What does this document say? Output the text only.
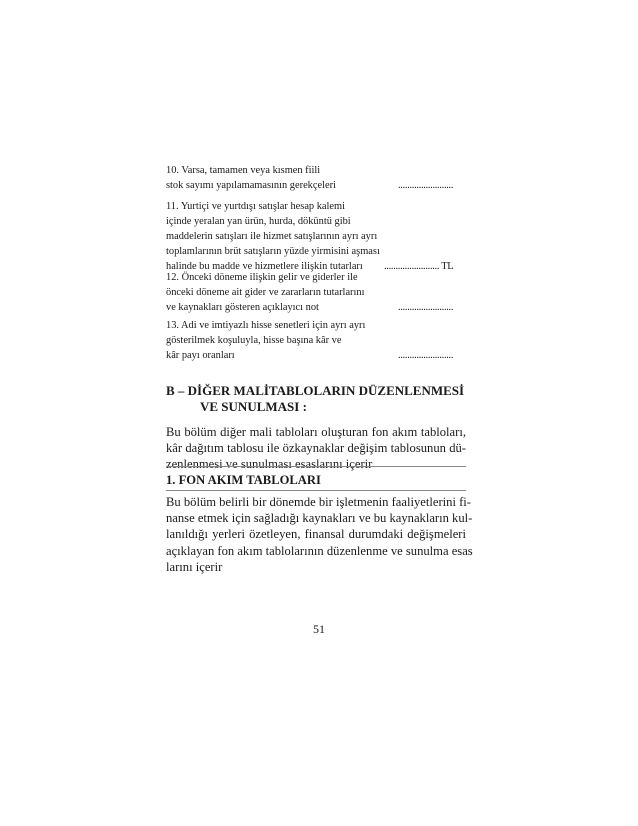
10. Varsa, tamamen veya kısmen fiili
stok sayımı yapılamamasının gerekçeleri	........................
11. Yurtiçi ve yurtdışı satışlar hesap kalemi
içinde yeralan yan ürün, hurda, döküntü gibi
maddelerin satışları ile hizmet satışlarının ayrı ayrı
toplamlarının brüt satışların yüzde yirmisini aşması
halinde bu madde ve hizmetlere ilişkin tutarları ........................ TL
12. Önceki döneme ilişkin gelir ve giderler ile
önceki döneme ait gider ve zararların tutarlarını
ve kaynakları gösteren açıklayıcı not	........................
13. Adi ve imtiyazlı hisse senetleri için ayrı ayrı
gösterilmek koşuluyla, hisse başına kâr ve
kâr payı oranları	........................
B – DİĞER MALİTABLOLARIN DÜZENLENMESİ
VE SUNULMASI :
Bu bölüm diğer mali tabloları oluşturan fon akım tabloları,
kâr dağıtım tablosu ile özkaynaklar değişim tablosunun dü-
zenlenmesi ve sunulması esaslarını içerir
1. FON AKIM TABLOLARI
Bu bölüm belirli bir dönemde bir işletmenin faaliyetlerini fi-
nanse etmek için sağladığı kaynakları ve bu kaynakların kul-
lanıldığı yerleri özetleyen, finansal durumdaki değişmeleri
açıklayan fon akım tablolarının düzenlenme ve sunulma esas
larını içerir
51
